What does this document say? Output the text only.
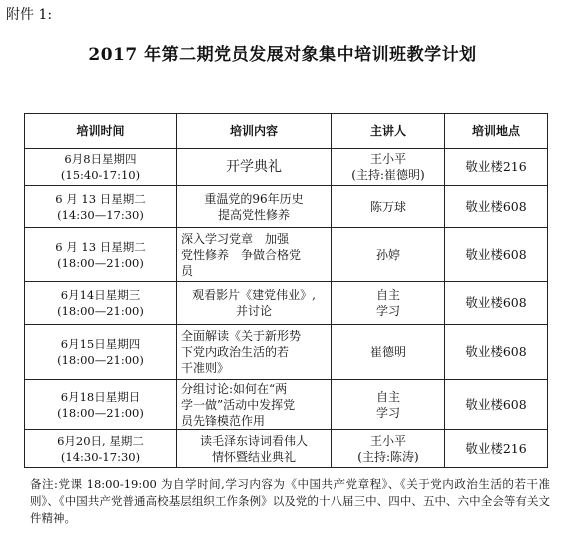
附件 1:
2017 年第二期党员发展对象集中培训班教学计划
培训时间	培训内容	主讲人	培训地点

6月8日星期四
(15:40-17:10)	开学典礼	王小平
(主持:崔德明)	敬业楼216

6 月 13 日星期二
(14:30—17:30)	重温党的96年历史
提高党性修养	陈万球	敬业楼608

6 月 13 日星期二
(18:00—21:00)	深入学习党章　加强
党性修养　争做合格党
员	孙婷	敬业楼608

6月14日星期三
(18:00—21:00)	观看影片《建党伟业》,
并讨论	自主
学习	敬业楼608

6月15日星期四
(18:00—21:00)	全面解读《关于新形势
下党内政治生活的若
干准则》	崔德明	敬业楼608

6月18日星期日
(18:00—21:00)	分组讨论:如何在“两
学一做”活动中发挥党
员先锋模范作用	自主
学习	敬业楼608

6月20日, 星期二
(14:30-17:30)	读毛泽东诗词看伟人
情怀暨结业典礼	王小平
(主持:陈涛)	敬业楼216
备注:党课 18:00-19:00 为自学时间,学习内容为《中国共产党章程》、《关于党内政治生活的若干准则》、《中国共产党普通高校基层组织工作条例》以及党的十八届三中、四中、五中、六中全会等有关文件精神。
